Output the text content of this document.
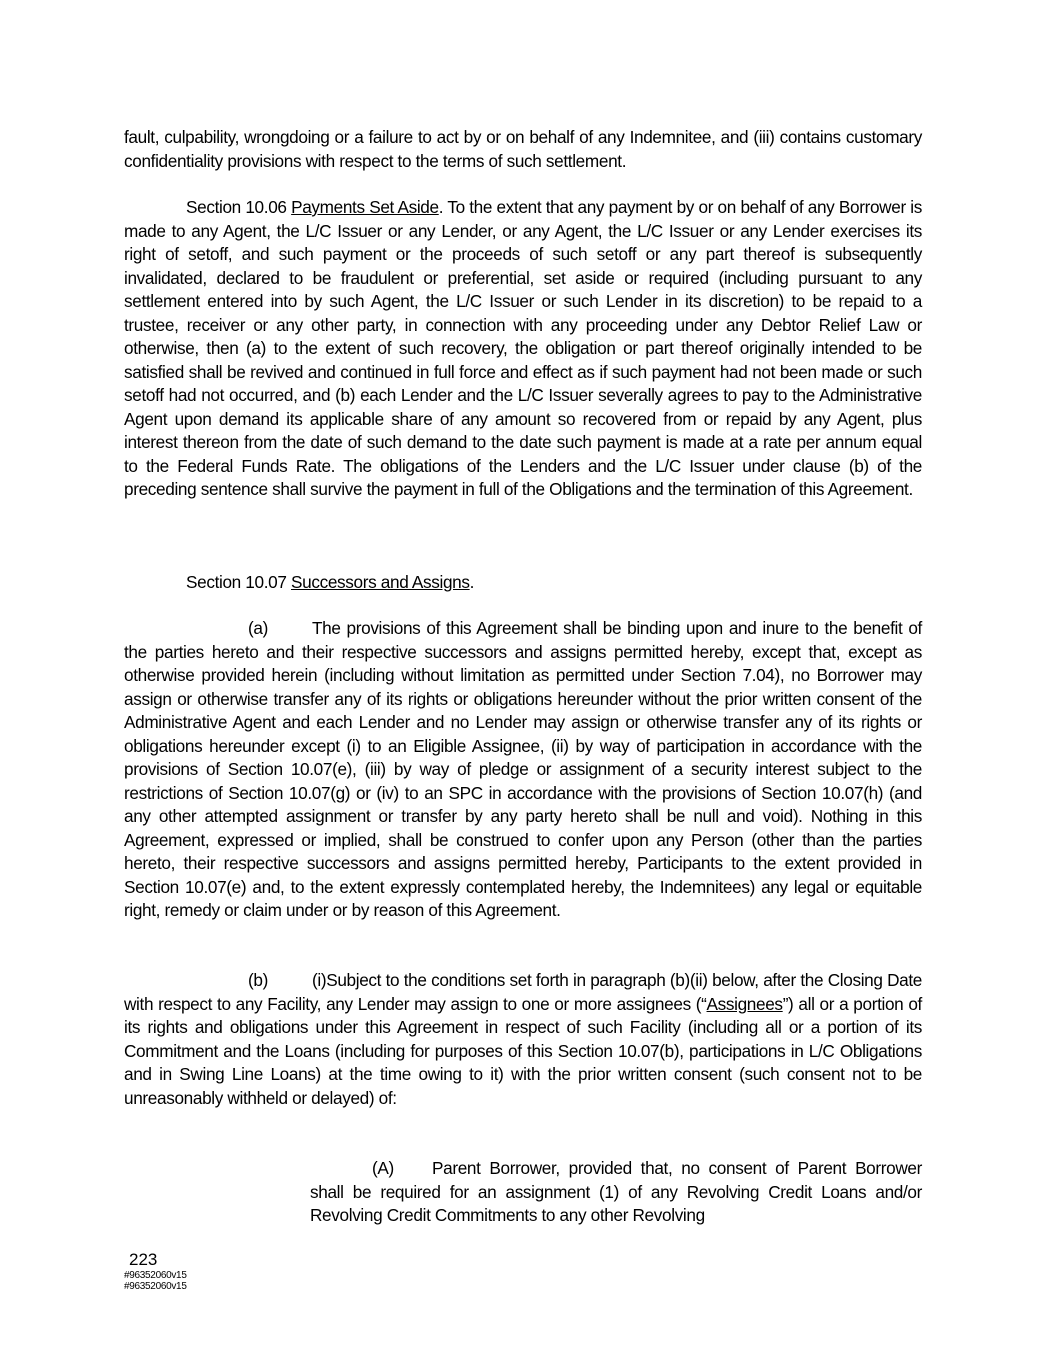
fault, culpability, wrongdoing or a failure to act by or on behalf of any Indemnitee, and (iii) contains customary confidentiality provisions with respect to the terms of such settlement.

Section 10.06 Payments Set Aside. To the extent that any payment by or on behalf of any Borrower is made to any Agent, the L/C Issuer or any Lender, or any Agent, the L/C Issuer or any Lender exercises its right of setoff, and such payment or the proceeds of such setoff or any part thereof is subsequently invalidated, declared to be fraudulent or preferential, set aside or required (including pursuant to any settlement entered into by such Agent, the L/C Issuer or such Lender in its discretion) to be repaid to a trustee, receiver or any other party, in connection with any proceeding under any Debtor Relief Law or otherwise, then (a) to the extent of such recovery, the obligation or part thereof originally intended to be satisfied shall be revived and continued in full force and effect as if such payment had not been made or such setoff had not occurred, and (b) each Lender and the L/C Issuer severally agrees to pay to the Administrative Agent upon demand its applicable share of any amount so recovered from or repaid by any Agent, plus interest thereon from the date of such demand to the date such payment is made at a rate per annum equal to the Federal Funds Rate. The obligations of the Lenders and the L/C Issuer under clause (b) of the preceding sentence shall survive the payment in full of the Obligations and the termination of this Agreement.

Section 10.07 Successors and Assigns.

(a)	The provisions of this Agreement shall be binding upon and inure to the benefit of the parties hereto and their respective successors and assigns permitted hereby, except that, except as otherwise provided herein (including without limitation as permitted under Section 7.04), no Borrower may assign or otherwise transfer any of its rights or obligations hereunder without the prior written consent of the Administrative Agent and each Lender and no Lender may assign or otherwise transfer any of its rights or obligations hereunder except (i) to an Eligible Assignee, (ii) by way of participation in accordance with the provisions of Section 10.07(e), (iii) by way of pledge or assignment of a security interest subject to the restrictions of Section 10.07(g) or (iv) to an SPC in accordance with the provisions of Section 10.07(h) (and any other attempted assignment or transfer by any party hereto shall be null and void). Nothing in this Agreement, expressed or implied, shall be construed to confer upon any Person (other than the parties hereto, their respective successors and assigns permitted hereby, Participants to the extent provided in Section 10.07(e) and, to the extent expressly contemplated hereby, the Indemnitees) any legal or equitable right, remedy or claim under or by reason of this Agreement.

(b)	(i)Subject to the conditions set forth in paragraph (b)(ii) below, after the Closing Date with respect to any Facility, any Lender may assign to one or more assignees (“Assignees”) all or a portion of its rights and obligations under this Agreement in respect of such Facility (including all or a portion of its Commitment and the Loans (including for purposes of this Section 10.07(b), participations in L/C Obligations and in Swing Line Loans) at the time owing to it) with the prior written consent (such consent not to be unreasonably withheld or delayed) of:

(A) Parent Borrower, provided that, no consent of Parent Borrower shall be required for an assignment (1) of any Revolving Credit Loans and/or Revolving Credit Commitments to any other Revolving

223
#96352060v15
#96352060v15
